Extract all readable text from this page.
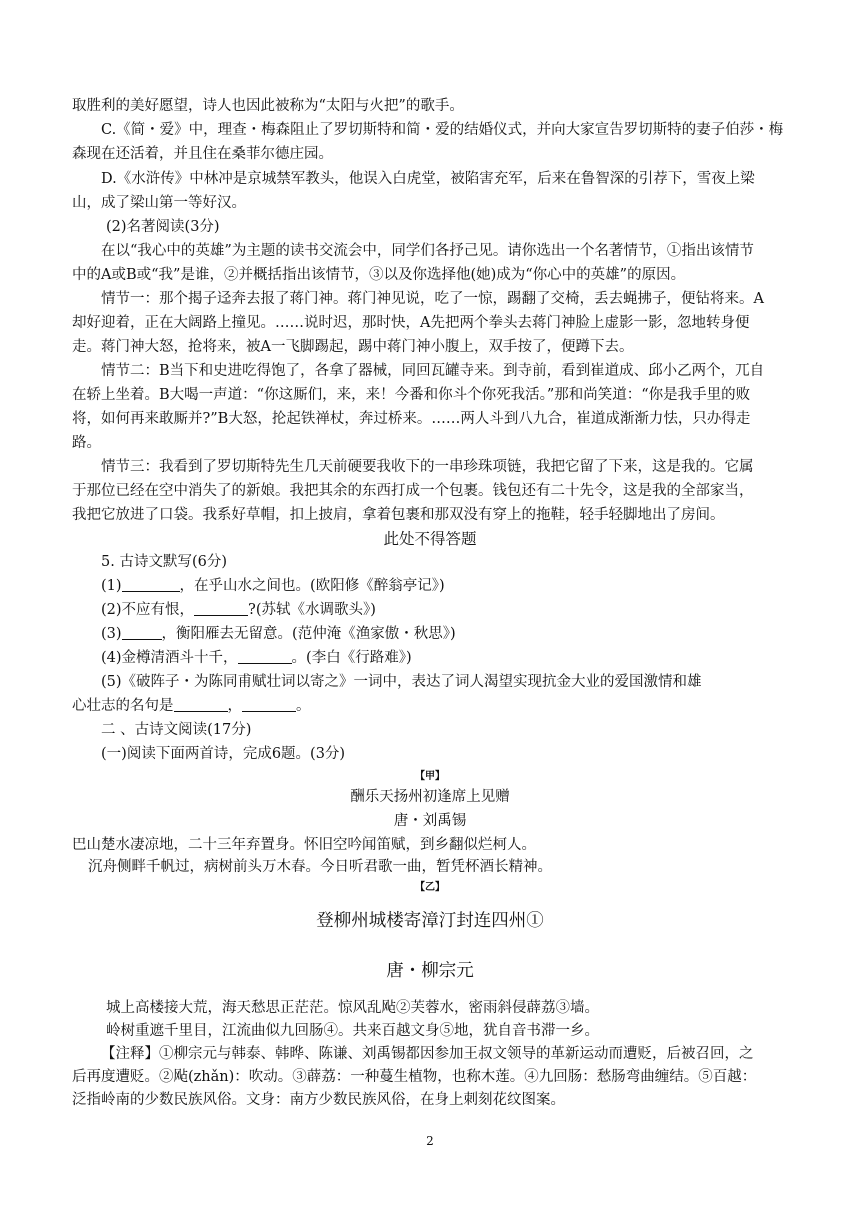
取胜利的美好愿望，诗人也因此被称为“太阳与火把”的歌手。
C.《简・爱》中，理查・梅森阻止了罗切斯特和简・爱的结婚仪式，并向大家宣告罗切斯特的妻子伯莎・梅
森现在还活着，并且住在桑菲尔德庄园。
D.《水浒传》中林冲是京城禁军教头，他误入白虎堂，被陷害充军，后来在鲁智深的引荐下，雪夜上梁
山，成了梁山第一等好汉。
(2)名著阅读(3分)
在以“我心中的英雄”为主题的读书交流会中，同学们各抒己见。请你选出一个名著情节，①指出该情节
中的A或B或“我”是谁，②并概括指出该情节，③以及你选择他(她)成为“你心中的英雄”的原因。
情节一：那个揭子迳奔去报了蒋门神。蒋门神见说，吃了一惊，踢翻了交椅，丢去蝇拂子，便钻将来。A
却好迎着，正在大阔路上撞见。……说时迟，那时快，A先把两个拳头去蒋门神脸上虚影一影，忽地转身便
走。蒋门神大怒，抢将来，被A一飞脚踢起，踢中蒋门神小腹上，双手按了，便蹲下去。
情节二：B当下和史进吃得饱了，各拿了器械，同回瓦罐寺来。到寺前，看到崔道成、邱小乙两个，兀自
在轿上坐着。B大喝一声道：“你这厮们，来，来！今番和你斗个你死我活。”那和尚笑道：“你是我手里的败
将，如何再来敢厮并?”B大怒，抡起铁禅杖，奔过桥来。……两人斗到八九合，崔道成渐渐力怯，只办得走
路。
情节三：我看到了罗切斯特先生几天前硬要我收下的一串珍珠项链，我把它留了下来，这是我的。它属
于那位已经在空中消失了的新娘。我把其余的东西打成一个包裹。钱包还有二十先令，这是我的全部家当，
我把它放进了口袋。我系好草帽，扣上披肩，拿着包裹和那双没有穿上的拖鞋，轻手轻脚地出了房间。
此处不得答题
5. 古诗文默写(6分)
(1)	，在乎山水之间也。(欧阳修《醉翁亭记》)
(2)不应有恨，	?(苏轼《水调歌头》)
(3)	，衡阳雁去无留意。(范仲淹《渔家傲・秋思》)
(4)金樽清酒斗十千，	。(李白《行路难》)
(5)《破阵子・为陈同甫赋壮词以寄之》一词中，表达了词人渴望实现抗金大业的爱国激情和雄
心壮志的名句是	，	。
二 、古诗文阅读(17分)
(一)阅读下面两首诗，完成6题。(3分)
【甲】
酬乐天扬州初逢席上见赠
唐・刘禹锡
巴山楚水凄凉地，二十三年弃置身。怀旧空吟闻笛赋，到乡翻似烂柯人。
沉舟侧畔千帆过，病树前头万木春。今日听君歌一曲，暂凭杯酒长精神。
【乙】
登柳州城楼寄漳汀封连四州①
唐・柳宗元
城上高楼接大荒，海天愁思正茫茫。惊风乱飐②芙蓉水，密雨斜侵薜荔③墙。
岭树重遮千里目，江流曲似九回肠④。共来百越文身⑤地，犹自音书滞一乡。
【注释】①柳宗元与韩泰、韩晔、陈谦、刘禹锡都因参加王叔文领导的革新运动而遭贬，后被召回，之
后再度遭贬。②飐(zhǎn)：吹动。③薜荔：一种蔓生植物，也称木莲。④九回肠：愁肠弯曲缠结。⑤百越：
泛指岭南的少数民族风俗。文身：南方少数民族风俗，在身上刺刻花纹图案。
2
